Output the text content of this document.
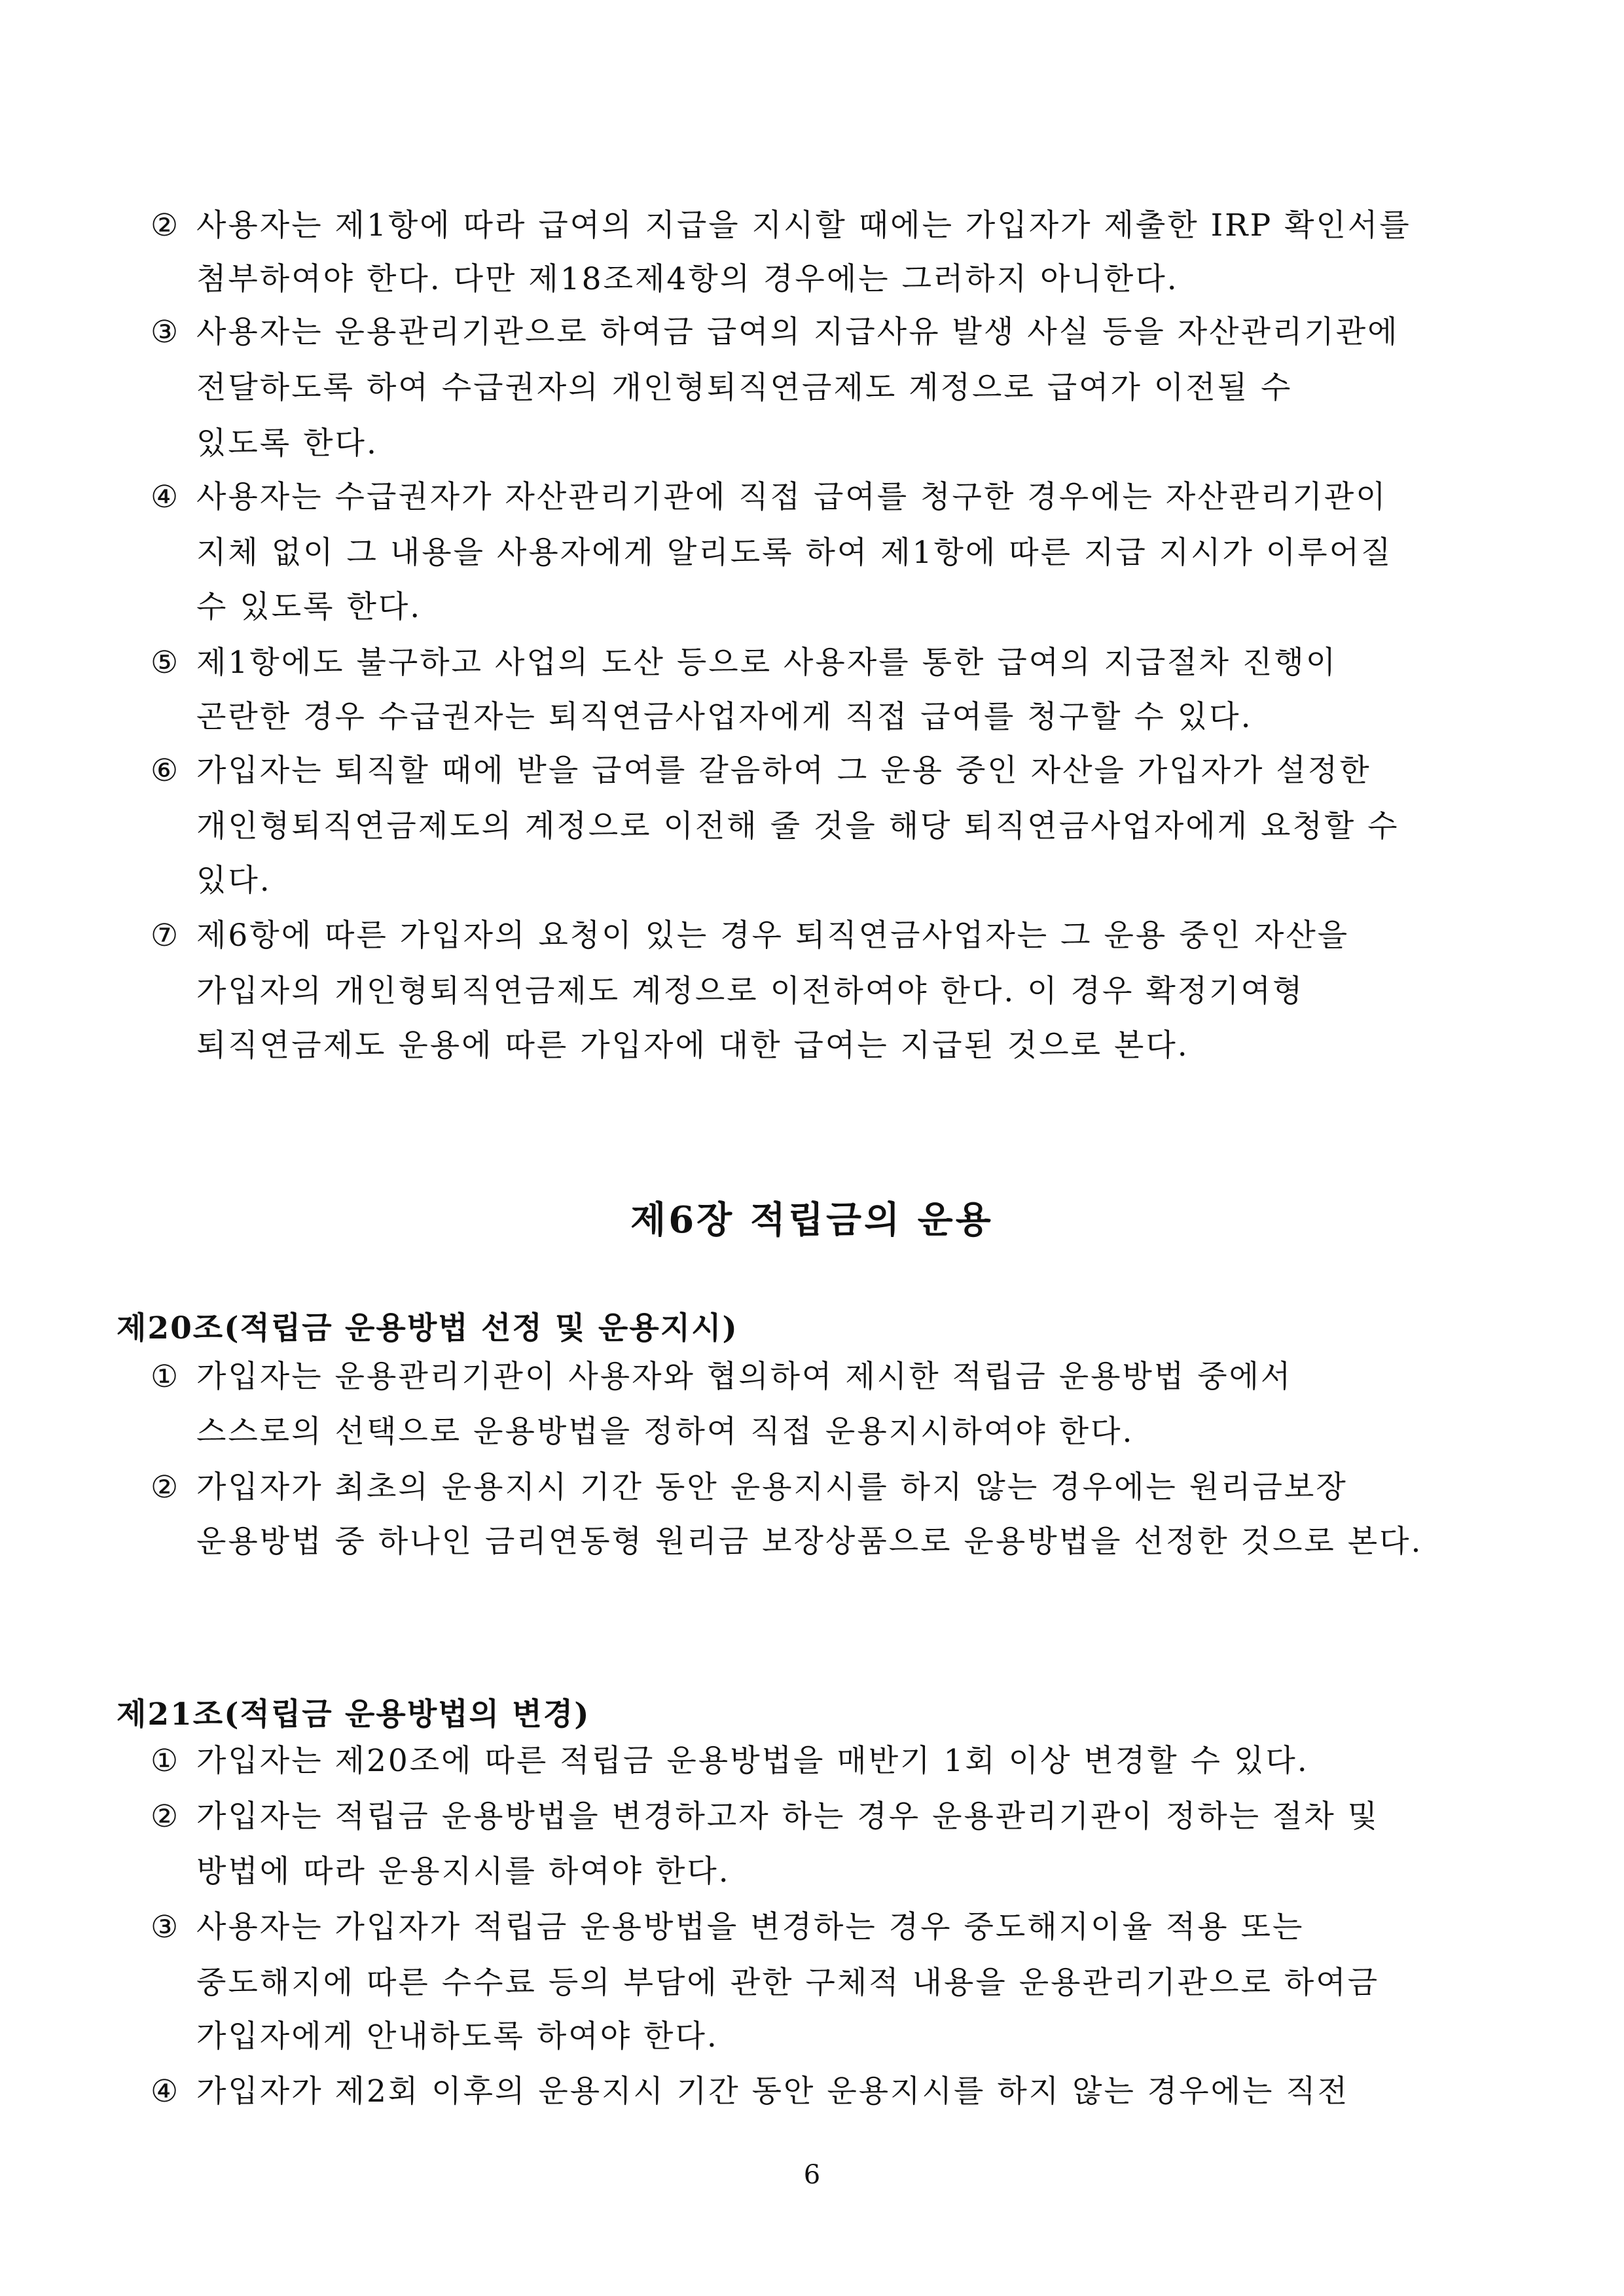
② 사용자는 제1항에 따라 급여의 지급을 지시할 때에는 가입자가 제출한 IRP 확인서를
첨부하여야 한다. 다만 제18조제4항의 경우에는 그러하지 아니한다.
③ 사용자는 운용관리기관으로 하여금 급여의 지급사유 발생 사실 등을 자산관리기관에
전달하도록 하여 수급권자의 개인형퇴직연금제도 계정으로 급여가 이전될 수
있도록 한다.
④ 사용자는 수급권자가 자산관리기관에 직접 급여를 청구한 경우에는 자산관리기관이
지체 없이 그 내용을 사용자에게 알리도록 하여 제1항에 따른 지급 지시가 이루어질
수 있도록 한다.
⑤ 제1항에도 불구하고 사업의 도산 등으로 사용자를 통한 급여의 지급절차 진행이
곤란한 경우 수급권자는 퇴직연금사업자에게 직접 급여를 청구할 수 있다.
⑥ 가입자는 퇴직할 때에 받을 급여를 갈음하여 그 운용 중인 자산을 가입자가 설정한
개인형퇴직연금제도의 계정으로 이전해 줄 것을 해당 퇴직연금사업자에게 요청할 수
있다.
⑦ 제6항에 따른 가입자의 요청이 있는 경우 퇴직연금사업자는 그 운용 중인 자산을
가입자의 개인형퇴직연금제도 계정으로 이전하여야 한다. 이 경우 확정기여형
퇴직연금제도 운용에 따른 가입자에 대한 급여는 지급된 것으로 본다.
제6장 적립금의 운용
제20조(적립금 운용방법 선정 및 운용지시)
① 가입자는 운용관리기관이 사용자와 협의하여 제시한 적립금 운용방법 중에서
스스로의 선택으로 운용방법을 정하여 직접 운용지시하여야 한다.
② 가입자가 최초의 운용지시 기간 동안 운용지시를 하지 않는 경우에는 원리금보장
운용방법 중 하나인 금리연동형 원리금 보장상품으로 운용방법을 선정한 것으로 본다.
제21조(적립금 운용방법의 변경)
① 가입자는 제20조에 따른 적립금 운용방법을 매반기 1회 이상 변경할 수 있다.
② 가입자는 적립금 운용방법을 변경하고자 하는 경우 운용관리기관이 정하는 절차 및
방법에 따라 운용지시를 하여야 한다.
③ 사용자는 가입자가 적립금 운용방법을 변경하는 경우 중도해지이율 적용 또는
중도해지에 따른 수수료 등의 부담에 관한 구체적 내용을 운용관리기관으로 하여금
가입자에게 안내하도록 하여야 한다.
④ 가입자가 제2회 이후의 운용지시 기간 동안 운용지시를 하지 않는 경우에는 직전
6
